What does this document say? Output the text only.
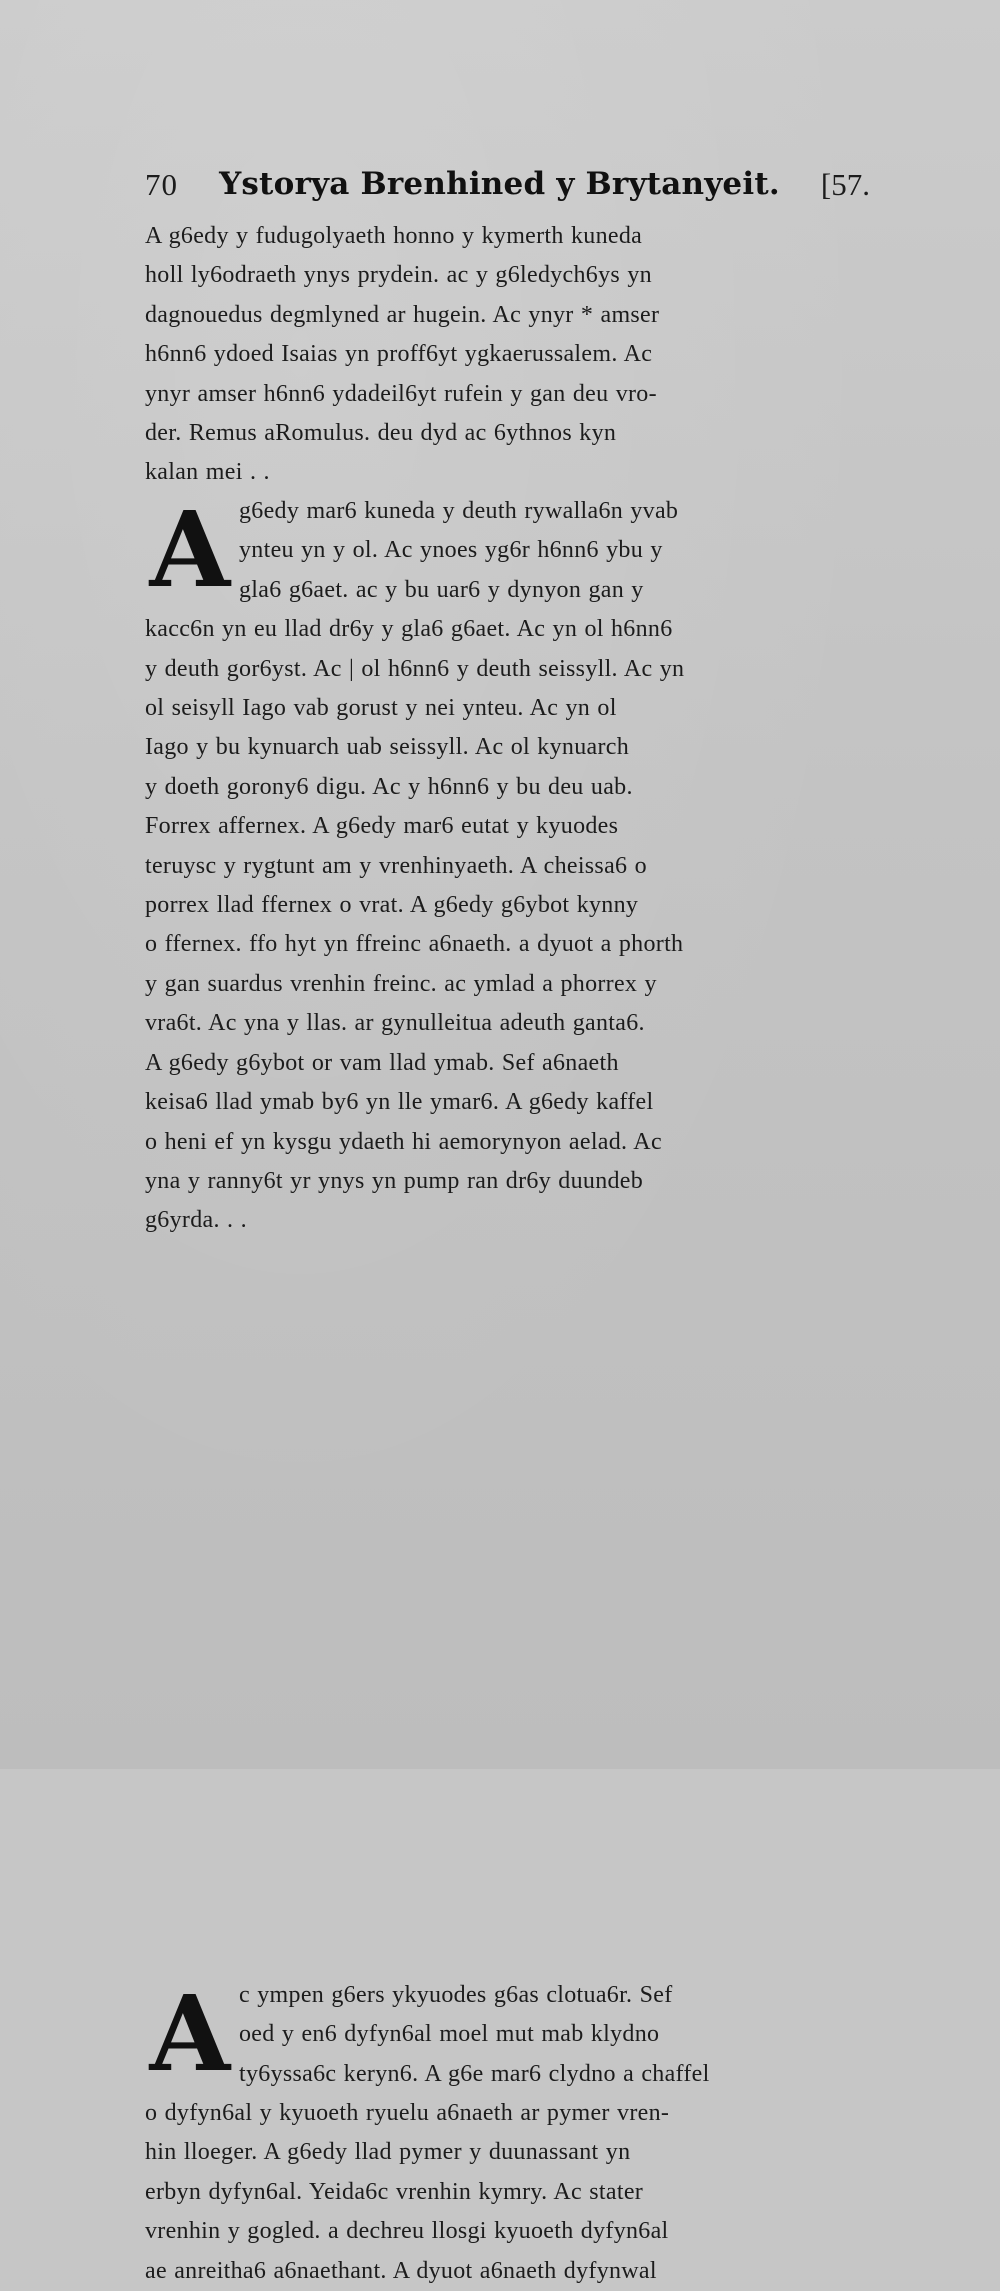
70	Ystorya Brenhined y Brytanyeit.	[57.
A g6edy y fudugolyaeth honno y kymerth kuneda
holl ly6odraeth ynys prydein. ac y g6ledych6ys yn
dagnouedus degmlyned ar hugein. Ac ynyr * amser
h6nn6 ydoed Isaias yn proff6yt ygkaerussalem. Ac
ynyr amser h6nn6 ydadeil6yt rufein y gan deu vro-
der. Remus aRomulus. deu dyd ac 6ythnos kyn
kalan mei . .
A g6edy mar6 kuneda y deuth rywalla6n yvab
ynteu yn y ol. Ac ynoes yg6r h6nn6 ybu y
gla6 g6aet. ac y bu uar6 y dynyon gan y
kacc6n yn eu llad dr6y y gla6 g6aet. Ac yn ol h6nn6
y deuth gor6yst. Ac | ol h6nn6 y deuth seissyll. Ac yn
ol seisyll Iago vab gorust y nei ynteu. Ac yn ol
Iago y bu kynuarch uab seissyll. Ac ol kynuarch
y doeth gorony6 digu. Ac y h6nn6 y bu deu uab.
Forrex affernex. A g6edy mar6 eutat y kyuodes
teruysc y rygtunt am y vrenhinyaeth. A cheissa6 o
porrex llad ffernex o vrat. A g6edy g6ybot kynny
o ffernex. ffo hyt yn ffreinc a6naeth. a dyuot a phorth
y gan suardus vrenhin freinc. ac ymlad a phorrex y
vra6t. Ac yna y llas. ar gynulleitua adeuth ganta6.
A g6edy g6ybot or vam llad ymab. Sef a6naeth
keisa6 llad ymab by6 yn lle ymar6. A g6edy kaffel
o heni ef yn kysgu ydaeth hi aemorynyon aelad. Ac
yna y ranny6t yr ynys yn pump ran dr6y duundeb
g6yrda. . .
A c ympen g6ers ykyuodes g6as clotua6r. Sef
oed y en6 dyfyn6al moel mut mab klydno
ty6yssa6c keryn6. A g6e mar6 clydno a chaffel
o dyfyn6al y kyuoeth ryuelu a6naeth ar pymer vren-
hin lloeger. A g6edy llad pymer y duunassant yn
erbyn dyfyn6al. Yeida6c vrenhin kymry. Ac stater
vrenhin y gogled. a dechreu llosgi kyuoeth dyfyn6al
ae anreitha6 a6naethant. A dyuot a6naeth dyfynwal
